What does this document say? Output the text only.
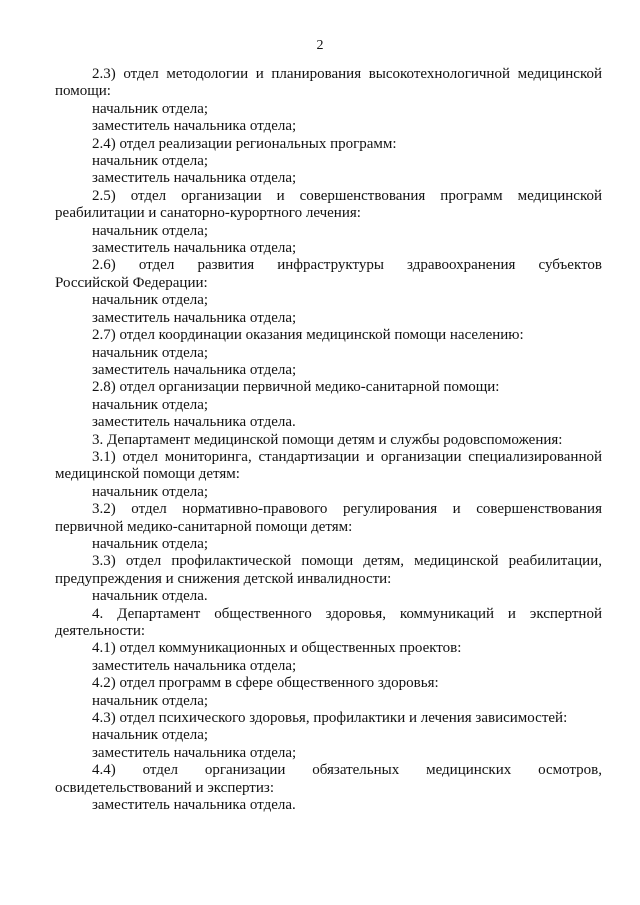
2

2.3) отдел методологии и планирования высокотехнологичной медицинской

помощи:

начальник отдела;

заместитель начальника отдела;

2.4) отдел реализации региональных программ:

начальник отдела;

заместитель начальника отдела;

2.5) отдел организации и совершенствования программ медицинской

реабилитации и санаторно-курортного лечения:

начальник отдела;

заместитель начальника отдела;

2.6) отдел развития инфраструктуры здравоохранения субъектов

Российской Федерации:

начальник отдела;

заместитель начальника отдела;

2.7) отдел координации оказания медицинской помощи населению:

начальник отдела;

заместитель начальника отдела;

2.8) отдел организации первичной медико-санитарной помощи:

начальник отдела;

заместитель начальника отдела.

3. Департамент медицинской помощи детям и службы родовспоможения:

3.1) отдел мониторинга, стандартизации и организации специализированной

медицинской помощи детям:

начальник отдела;

3.2) отдел нормативно-правового регулирования и совершенствования

первичной медико-санитарной помощи детям:

начальник отдела;

3.3) отдел профилактической помощи детям, медицинской реабилитации,

предупреждения и снижения детской инвалидности:

начальник отдела.

4. Департамент общественного здоровья, коммуникаций и экспертной

деятельности:

4.1) отдел коммуникационных и общественных проектов:

заместитель начальника отдела;

4.2) отдел программ в сфере общественного здоровья:

начальник отдела;

4.3) отдел психического здоровья, профилактики и лечения зависимостей:

начальник отдела;

заместитель начальника отдела;

4.4) отдел организации обязательных медицинских осмотров,

освидетельствований и экспертиз:

заместитель начальника отдела.
